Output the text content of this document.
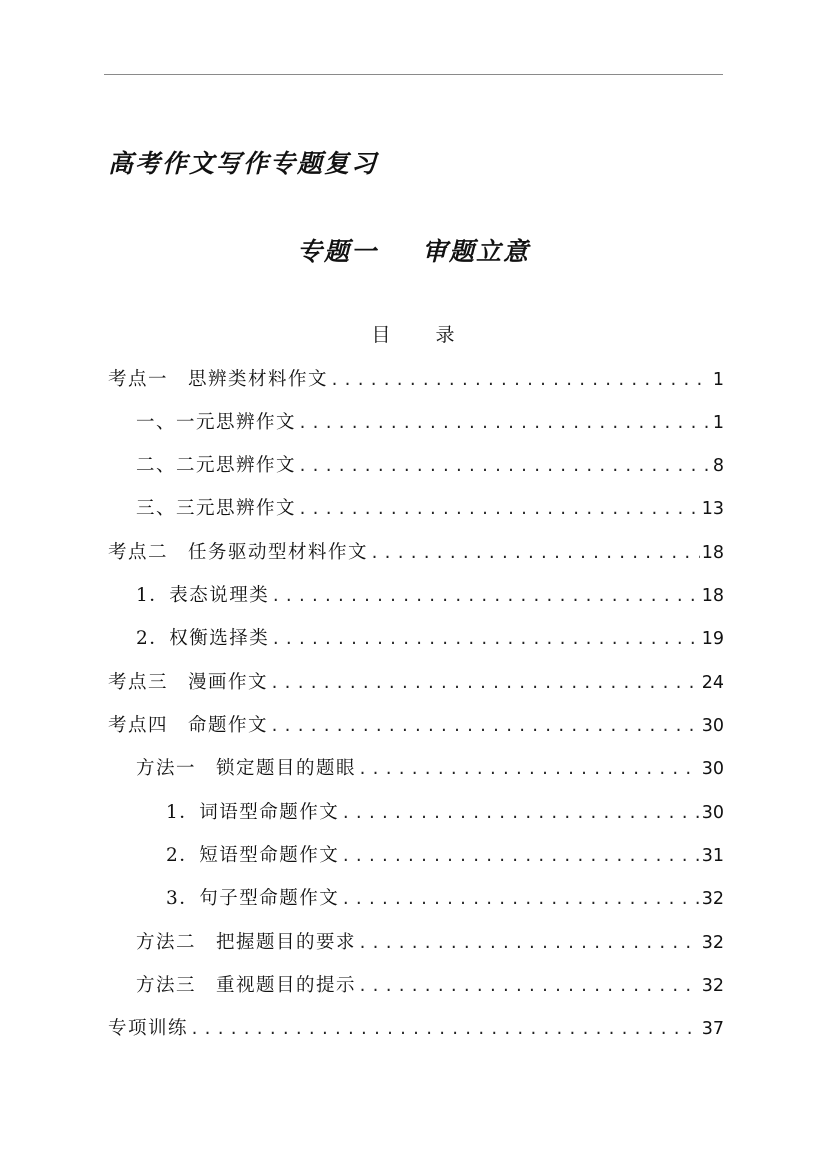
高考作文写作专题复习
专题一 审题立意
目 录
考点一 思辨类材料作文 .....	1
一、一元思辨作文 .....	1
二、二元思辨作文 .....	8
三、三元思辨作文 .....	13
考点二 任务驱动型材料作文 .....	18
1．表态说理类 .....	18
2．权衡选择类 .....	19
考点三 漫画作文 .....	24
考点四 命题作文 .....	30
方法一 锁定题目的题眼 .....	30
1．词语型命题作文 .....	30
2．短语型命题作文 .....	31
3．句子型命题作文 .....	32
方法二 把握题目的要求 .....	32
方法三 重视题目的提示 .....	32
专项训练 .....	37
